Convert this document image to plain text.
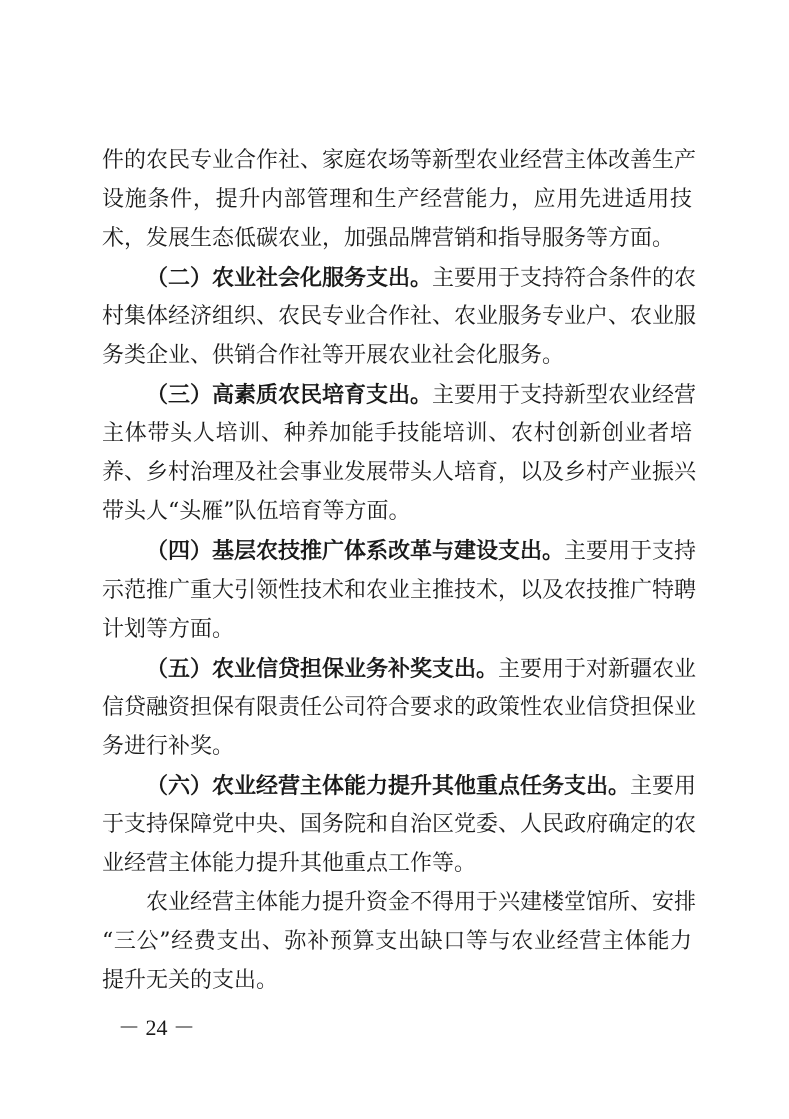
件的农民专业合作社、家庭农场等新型农业经营主体改善生产
设施条件，提升内部管理和生产经营能力，应用先进适用技
术，发展生态低碳农业，加强品牌营销和指导服务等方面。
（二）农业社会化服务支出。主要用于支持符合条件的农
村集体经济组织、农民专业合作社、农业服务专业户、农业服
务类企业、供销合作社等开展农业社会化服务。
（三）高素质农民培育支出。主要用于支持新型农业经营
主体带头人培训、种养加能手技能培训、农村创新创业者培
养、乡村治理及社会事业发展带头人培育，以及乡村产业振兴
带头人“头雁”队伍培育等方面。
（四）基层农技推广体系改革与建设支出。主要用于支持
示范推广重大引领性技术和农业主推技术，以及农技推广特聘
计划等方面。
（五）农业信贷担保业务补奖支出。主要用于对新疆农业
信贷融资担保有限责任公司符合要求的政策性农业信贷担保业
务进行补奖。
（六）农业经营主体能力提升其他重点任务支出。主要用
于支持保障党中央、国务院和自治区党委、人民政府确定的农
业经营主体能力提升其他重点工作等。
农业经营主体能力提升资金不得用于兴建楼堂馆所、安排
“三公”经费支出、弥补预算支出缺口等与农业经营主体能力
提升无关的支出。
－ 24 －
